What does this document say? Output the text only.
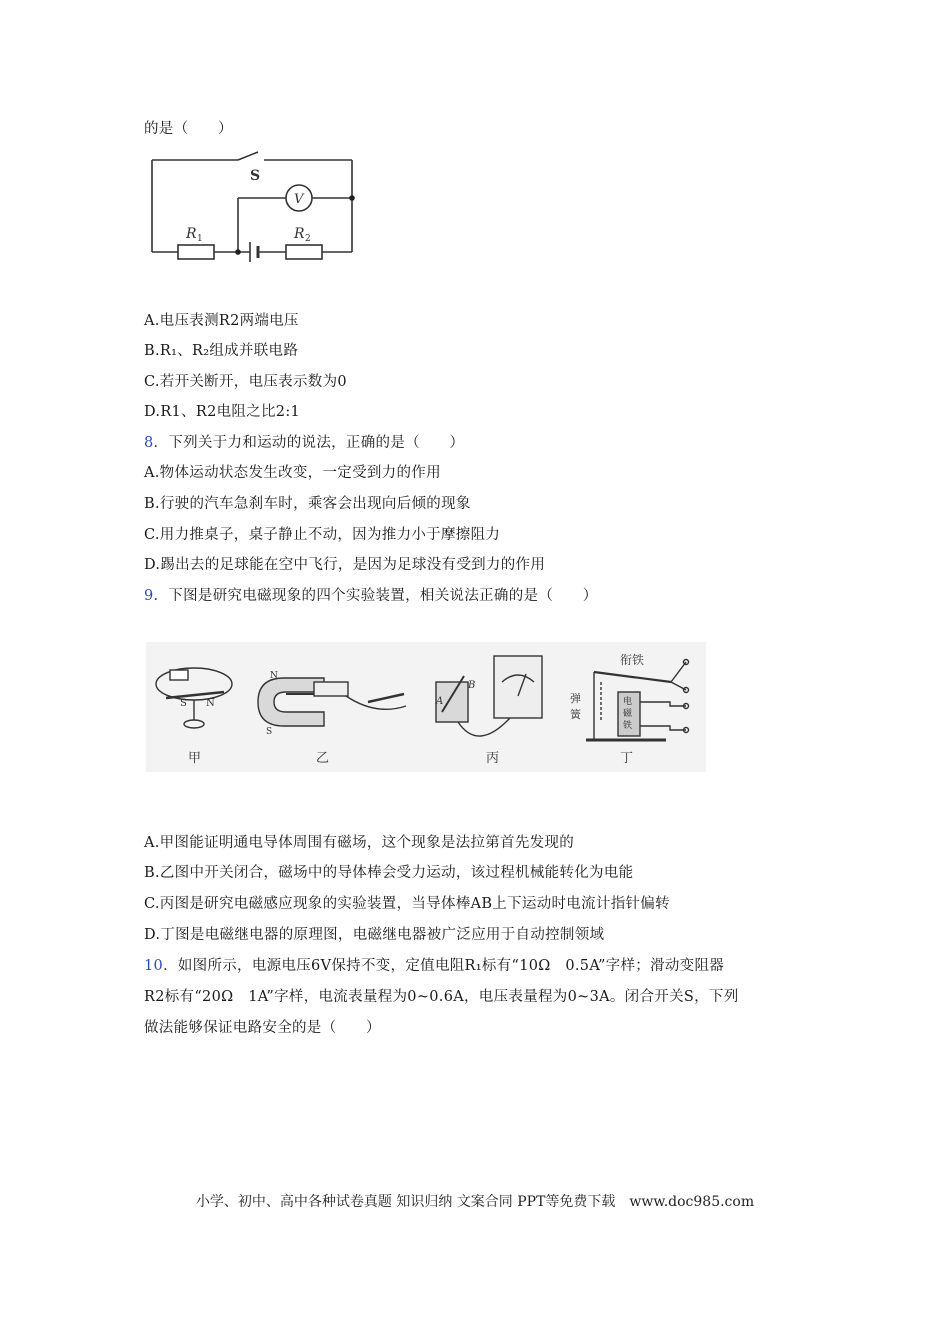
的是（　　）
S
V
R 1	R 2
A.电压表测R2两端电压
B.R₁、R₂组成并联电路
C.若开关断开，电压表示数为0
D.R1、R2电阻之比2:1
8．下列关于力和运动的说法，正确的是（　　）
A.物体运动状态发生改变，一定受到力的作用
B.行驶的汽车急刹车时，乘客会出现向后倾的现象
C.用力推桌子，桌子静止不动，因为推力小于摩擦阻力
D.踢出去的足球能在空中飞行，是因为足球没有受到力的作用
9．下图是研究电磁现象的四个实验装置，相关说法正确的是（　　）
S N
N
S
A
B
衔铁
弹
簧
电
磁
铁
甲	乙	丙	丁
A.甲图能证明通电导体周围有磁场，这个现象是法拉第首先发现的
B.乙图中开关闭合，磁场中的导体棒会受力运动，该过程机械能转化为电能
C.丙图是研究电磁感应现象的实验装置，当导体棒AB上下运动时电流计指针偏转
D.丁图是电磁继电器的原理图，电磁继电器被广泛应用于自动控制领域
10．如图所示，电源电压6V保持不变，定值电阻R₁标有“10Ω　0.5A”字样；滑动变阻器
R2标有“20Ω　1A”字样，电流表量程为0~0.6A，电压表量程为0~3A。闭合开关S，下列
做法能够保证电路安全的是（　　）
小学、初中、高中各种试卷真题 知识归纳 文案合同 PPT等免费下载　www.doc985.com
